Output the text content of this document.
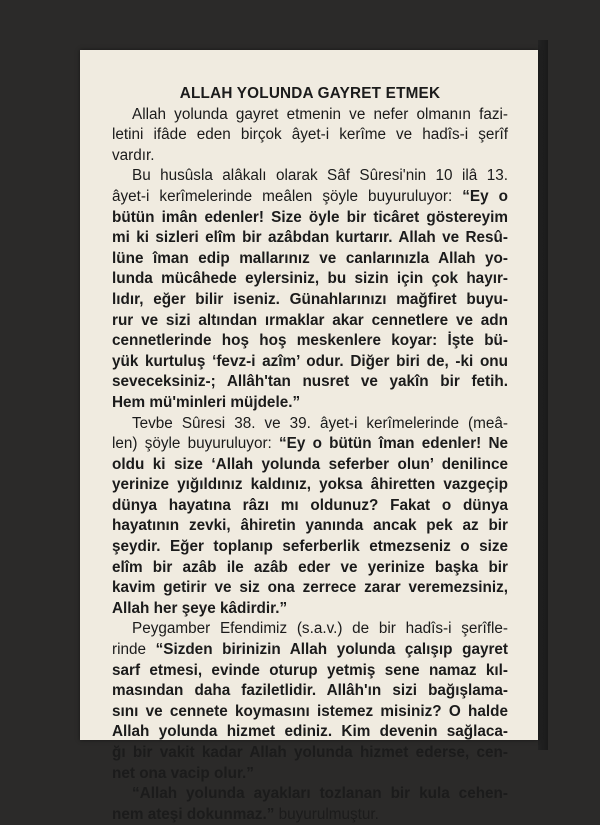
ALLAH YOLUNDA GAYRET ETMEK
Allah yolunda gayret etmenin ve nefer olmanın fazi-
letini ifâde eden birçok âyet-i kerîme ve hadîs-i şerîf
vardır.
Bu husûsla alâkalı olarak Sâf Sûresi'nin 10 ilâ 13.
âyet-i kerîmelerinde meâlen şöyle buyuruluyor: “Ey o
bütün imân edenler! Size öyle bir ticâret göstereyim
mi ki sizleri elîm bir azâbdan kurtarır. Allah ve Resû-
lüne îman edip mallarınız ve canlarınızla Allah yo-
lunda mücâhede eylersiniz, bu sizin için çok hayır-
lıdır, eğer bilir iseniz. Günahlarınızı mağfiret buyu-
rur ve sizi altından ırmaklar akar cennetlere ve adn
cennetlerinde hoş hoş meskenlere koyar: İşte bü-
yük kurtuluş ‘fevz-i azîm’ odur. Diğer biri de, -ki onu
seveceksiniz-; Allâh'tan nusret ve yakîn bir fetih.
Hem mü'minleri müjdele.”
Tevbe Sûresi 38. ve 39. âyet-i kerîmelerinde (meâ-
len) şöyle buyuruluyor: “Ey o bütün îman edenler! Ne
oldu ki size ‘Allah yolunda seferber olun’ denilince
yerinize yığıldınız kaldınız, yoksa âhiretten vazgeçip
dünya hayatına râzı mı oldunuz? Fakat o dünya
hayatının zevki, âhiretin yanında ancak pek az bir
şeydir. Eğer toplanıp seferberlik etmezseniz o size
elîm bir azâb ile azâb eder ve yerinize başka bir
kavim getirir ve siz ona zerrece zarar veremezsiniz,
Allah her şeye kâdirdir.”
Peygamber Efendimiz (s.a.v.) de bir hadîs-i şerîfle-
rinde “Sizden birinizin Allah yolunda çalışıp gayret
sarf etmesi, evinde oturup yetmiş sene namaz kıl-
masından daha faziletlidir. Allâh'ın sizi bağışlama-
sını ve cennete koymasını istemez misiniz? O halde
Allah yolunda hizmet ediniz. Kim devenin sağlaca-
ğı bir vakit kadar Allah yolunda hizmet ederse, cen-
net ona vacip olur.”
“Allah yolunda ayakları tozlanan bir kula cehen-
nem ateşi dokunmaz.” buyurulmuştur.
